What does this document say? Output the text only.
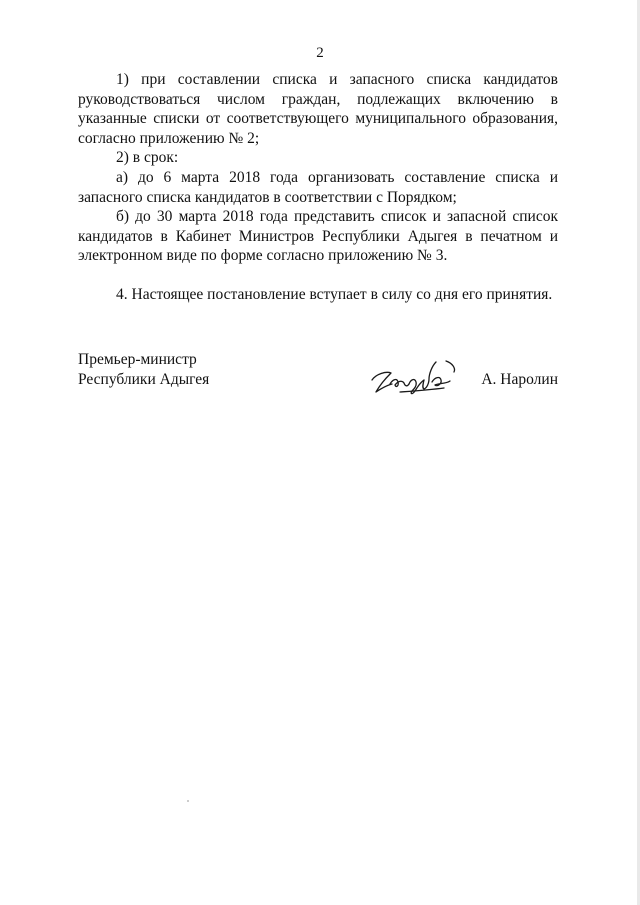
2

1) при составлении списка и запасного списка кандидатов руководствоваться числом граждан, подлежащих включению в указанные списки от соответствующего муниципального образования, согласно приложению № 2;

2) в срок:

а) до 6 марта 2018 года организовать составление списка и запасного списка кандидатов в соответствии с Порядком;

б) до 30 марта 2018 года представить список и запасной список кандидатов в Кабинет Министров Республики Адыгея в печатном и электронном виде по форме согласно приложению № 3.

4. Настоящее постановление вступает в силу со дня его принятия.

Премьер-министр
Республики Адыгея	А. Наролин
